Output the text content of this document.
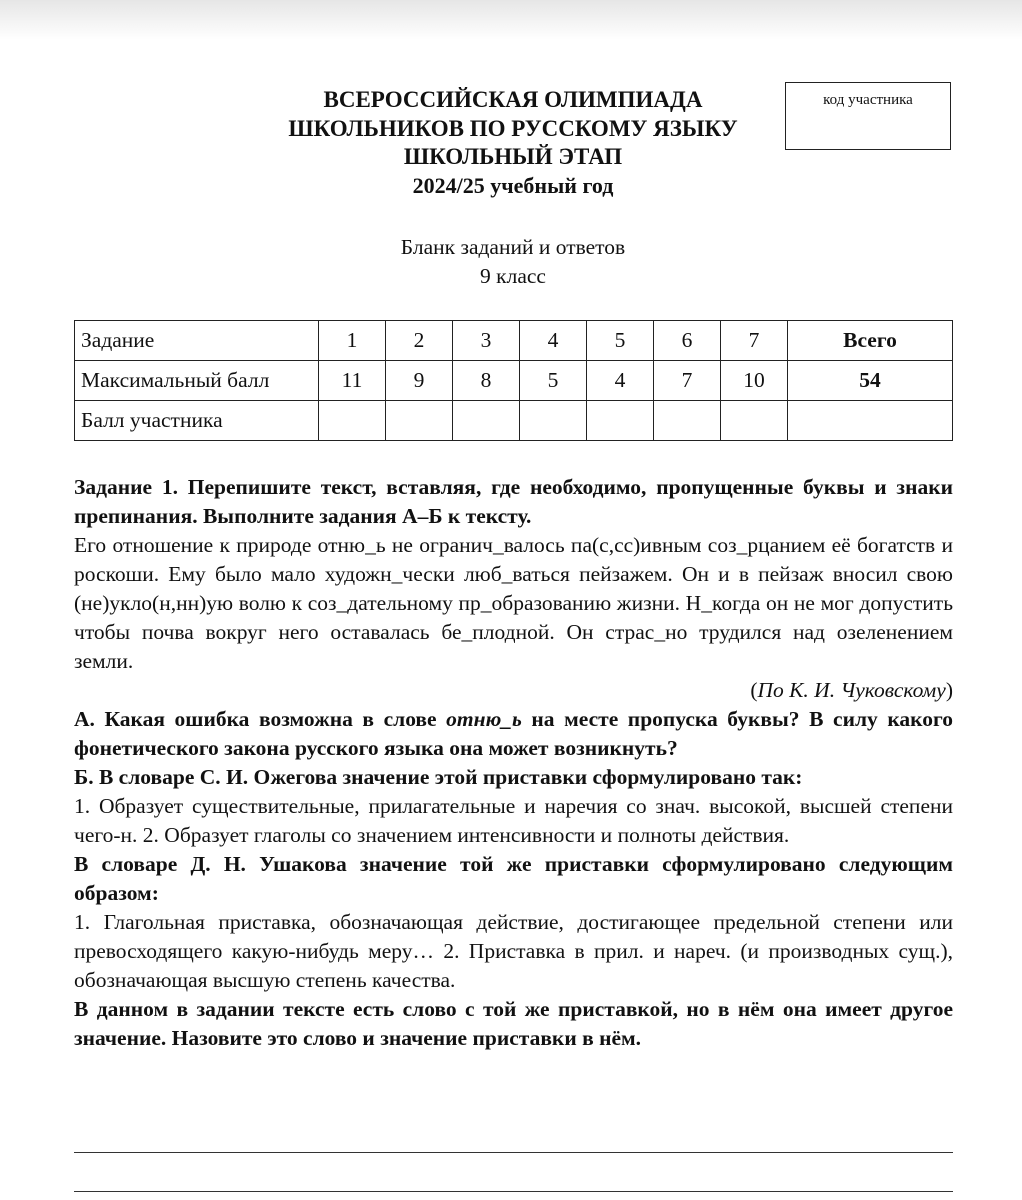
ВСЕРОССИЙСКАЯ ОЛИМПИАДА
ШКОЛЬНИКОВ ПО РУССКОМУ ЯЗЫКУ
ШКОЛЬНЫЙ ЭТАП
2024/25 учебный год
код участника
Бланк заданий и ответов
9 класс
Задание	1	2	3	4	5	6	7	Всего
Максимальный балл	11	9	8	5	4	7	10	54
Балл участника								

Задание 1. Перепишите текст, вставляя, где необходимо, пропущенные буквы и знаки препинания. Выполните задания А–Б к тексту.

Его отношение к природе отню_ь не огранич_валось па(с,сс)ивным соз_рцанием её богатств и роскоши. Ему было мало художн_чески люб_ваться пейзажем. Он и в пейзаж вносил свою (не)укло(н,нн)ую волю к соз_дательному пр_образованию жизни. Н_когда он не мог допустить чтобы почва вокруг него оставалась бе_плодной. Он страс_но трудился над озеленением земли.

(По К. И. Чуковскому)

А. Какая ошибка возможна в слове отню_ь на месте пропуска буквы? В силу какого фонетического закона русского языка она может возникнуть?

Б. В словаре С. И. Ожегова значение этой приставки сформулировано так:

1. Образует существительные, прилагательные и наречия со знач. высокой, высшей степени чего-н. 2. Образует глаголы со значением интенсивности и полноты действия.

В словаре Д. Н. Ушакова значение той же приставки сформулировано следующим образом:

1. Глагольная приставка, обозначающая действие, достигающее предельной степени или превосходящего какую-нибудь меру… 2. Приставка в прил. и нареч. (и производных сущ.), обозначающая высшую степень качества.

В данном в задании тексте есть слово с той же приставкой, но в нём она имеет другое значение. Назовите это слово и значение приставки в нём.
